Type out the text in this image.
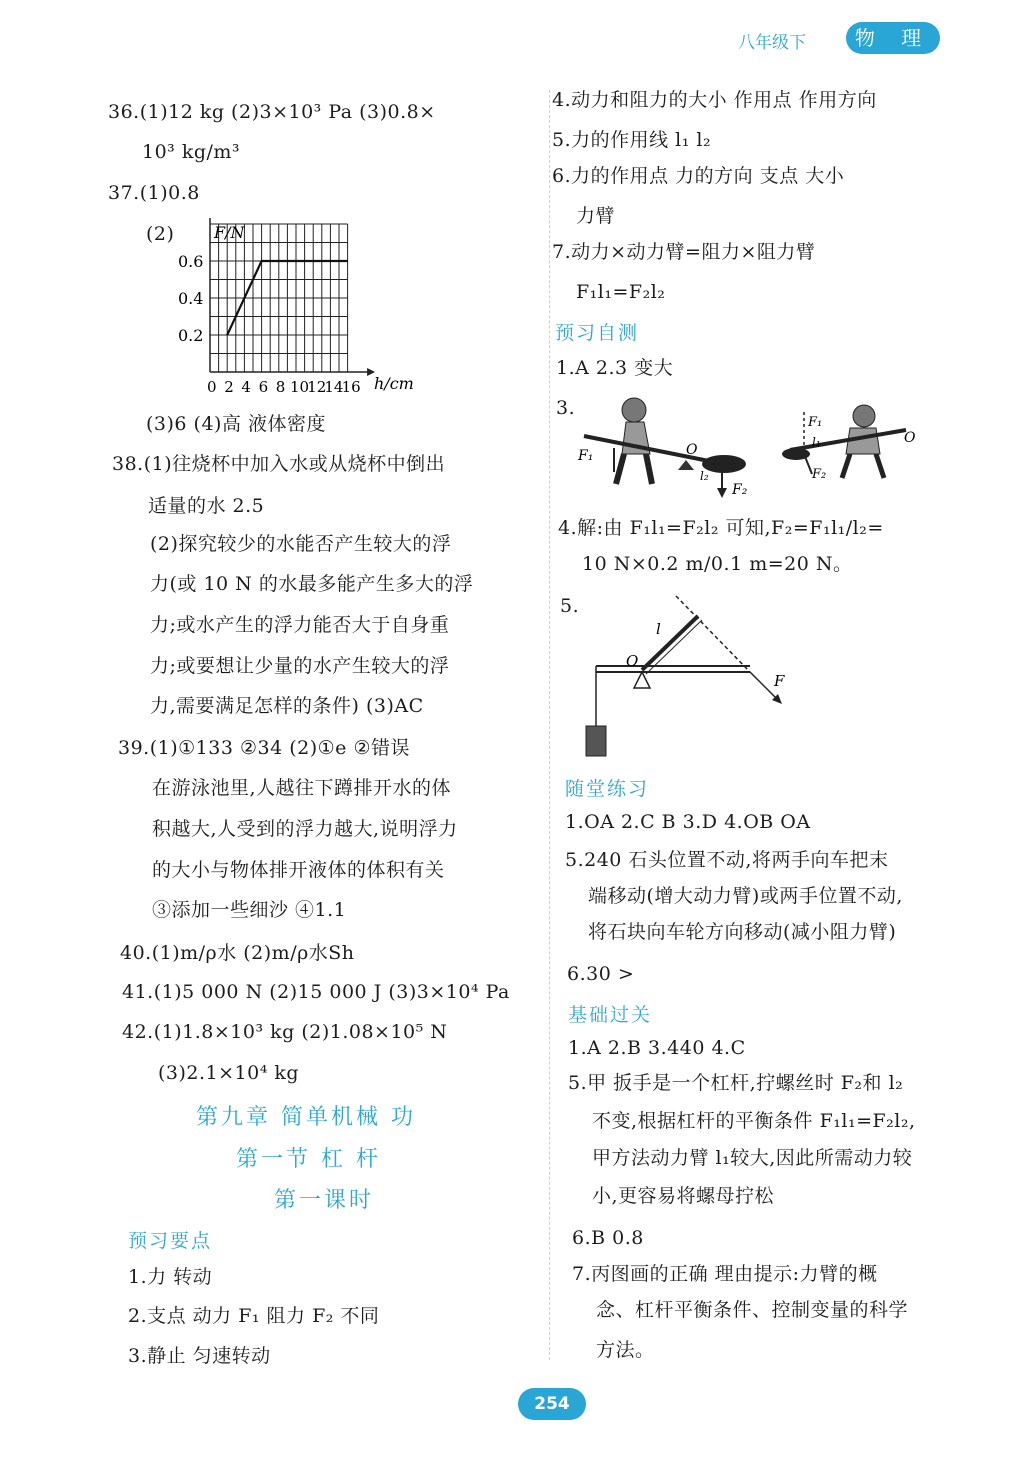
八年级下	物 理
36.(1)12 kg (2)3×10³ Pa (3)0.8×
10³ kg/m³
37.(1)0.8
(2)
0 2 4 6 8 10
12
14
16
0.2
0.4
0.6
F/N
h/cm
(3)6 (4)高 液体密度
38.(1)往烧杯中加入水或从烧杯中倒出
适量的水 2.5
(2)探究较少的水能否产生较大的浮
力(或 10 N 的水最多能产生多大的浮
力;或水产生的浮力能否大于自身重
力;或要想让少量的水产生较大的浮
力,需要满足怎样的条件) (3)AC
39.(1)①133 ②34 (2)①e ②错误
在游泳池里,人越往下蹲排开水的体
积越大,人受到的浮力越大,说明浮力
的大小与物体排开液体的体积有关
③添加一些细沙 ④1.1
40.(1)m/ρ水 (2)m/ρ水Sh
41.(1)5 000 N (2)15 000 J (3)3×10⁴ Pa
42.(1)1.8×10³ kg (2)1.08×10⁵ N
(3)2.1×10⁴ kg
第九章 简单机械 功
第一节 杠 杆
第一课时
预习要点
1.力 转动
2.支点 动力 F₁ 阻力 F₂ 不同
3.静止 匀速转动
4.动力和阻力的大小 作用点 作用方向
5.力的作用线 l₁ l₂
6.力的作用点 力的方向 支点 大小
力臂
7.动力×动力臂=阻力×阻力臂
F₁l₁=F₂l₂
预习自测
1.A 2.3 变大
3.
F₁	O
l₂
F₂
F₁
l₁	O
F₂
4.解:由 F₁l₁=F₂l₂ 可知,F₂=F₁l₁/l₂=
10 N×0.2 m/0.1 m=20 N。
5.
l
O
F
随堂练习
1.OA 2.C B 3.D 4.OB OA
5.240 石头位置不动,将两手向车把末
端移动(增大动力臂)或两手位置不动,
将石块向车轮方向移动(减小阻力臂)
6.30 >
基础过关
1.A 2.B 3.440 4.C
5.甲 扳手是一个杠杆,拧螺丝时 F₂和 l₂
不变,根据杠杆的平衡条件 F₁l₁=F₂l₂,
甲方法动力臂 l₁较大,因此所需动力较
小,更容易将螺母拧松
6.B 0.8
7.丙图画的正确 理由提示:力臂的概
念、杠杆平衡条件、控制变量的科学
方法。
254
